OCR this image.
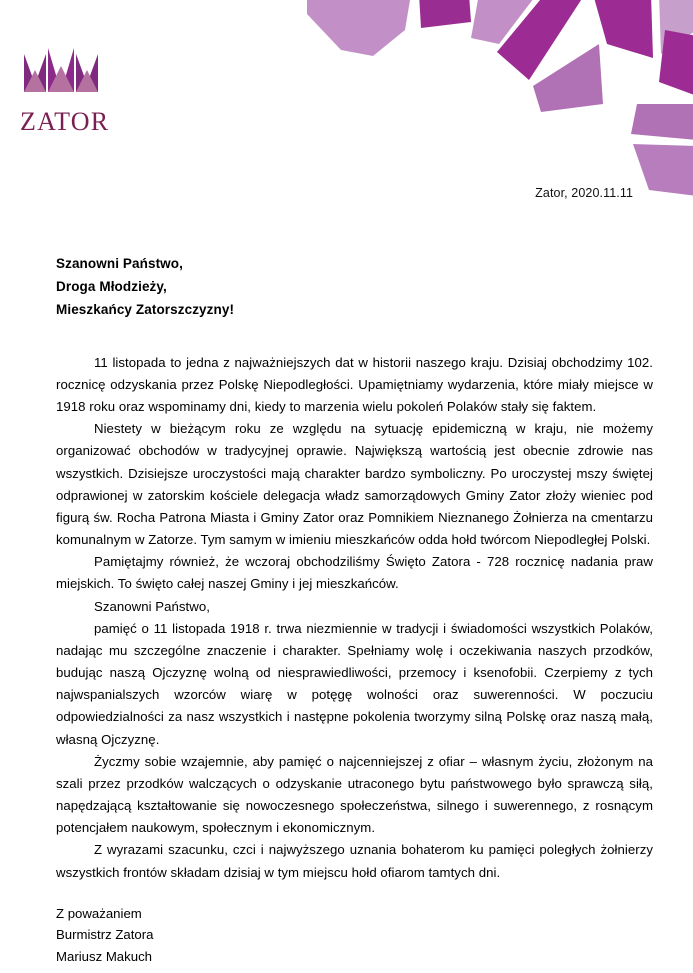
ZATOR
Zator, 2020.11.11
Szanowni Państwo,
Droga Młodzieży,
Mieszkańcy Zatorszczyzny!

11 listopada to jedna z najważniejszych dat w historii naszego kraju. Dzisiaj obchodzimy 102. rocznicę odzyskania przez Polskę Niepodległości. Upamiętniamy wydarzenia, które miały miejsce w 1918 roku oraz wspominamy dni, kiedy to marzenia wielu pokoleń Polaków stały się faktem.

Niestety w bieżącym roku ze względu na sytuację epidemiczną w kraju, nie możemy organizować obchodów w tradycyjnej oprawie. Największą wartością jest obecnie zdrowie nas wszystkich. Dzisiejsze uroczystości mają charakter bardzo symboliczny. Po uroczystej mszy świętej odprawionej w zatorskim kościele delegacja władz samorządowych Gminy Zator złoży wieniec pod figurą św. Rocha Patrona Miasta i Gminy Zator oraz Pomnikiem Nieznanego Żołnierza na cmentarzu komunalnym w Zatorze. Tym samym w imieniu mieszkańców odda hołd twórcom Niepodległej Polski.

Pamiętajmy również, że wczoraj obchodziliśmy Święto Zatora - 728 rocznicę nadania praw miejskich. To święto całej naszej Gminy i jej mieszkańców.

Szanowni Państwo,

pamięć o 11 listopada 1918 r. trwa niezmiennie w tradycji i świadomości wszystkich Polaków, nadając mu szczególne znaczenie i charakter. Spełniamy wolę i oczekiwania naszych przodków, budując naszą Ojczyznę wolną od niesprawiedliwości, przemocy i ksenofobii. Czerpiemy z tych najwspanialszych wzorców wiarę w potęgę wolności oraz suwerenności. W poczuciu odpowiedzialności za nasz wszystkich i następne pokolenia tworzymy silną Polskę oraz naszą małą, własną Ojczyznę.

Życzmy sobie wzajemnie, aby pamięć o najcenniejszej z ofiar – własnym życiu, złożonym na szali przez przodków walczących o odzyskanie utraconego bytu państwowego było sprawczą siłą, napędzającą kształtowanie się nowoczesnego społeczeństwa, silnego i suwerennego, z rosnącym potencjałem naukowym, społecznym i ekonomicznym.

Z wyrazami szacunku, czci i najwyższego uznania bohaterom ku pamięci poległych żołnierzy wszystkich frontów składam dzisiaj w tym miejscu hołd ofiarom tamtych dni.

Z poważaniem
Burmistrz Zatora
Mariusz Makuch
